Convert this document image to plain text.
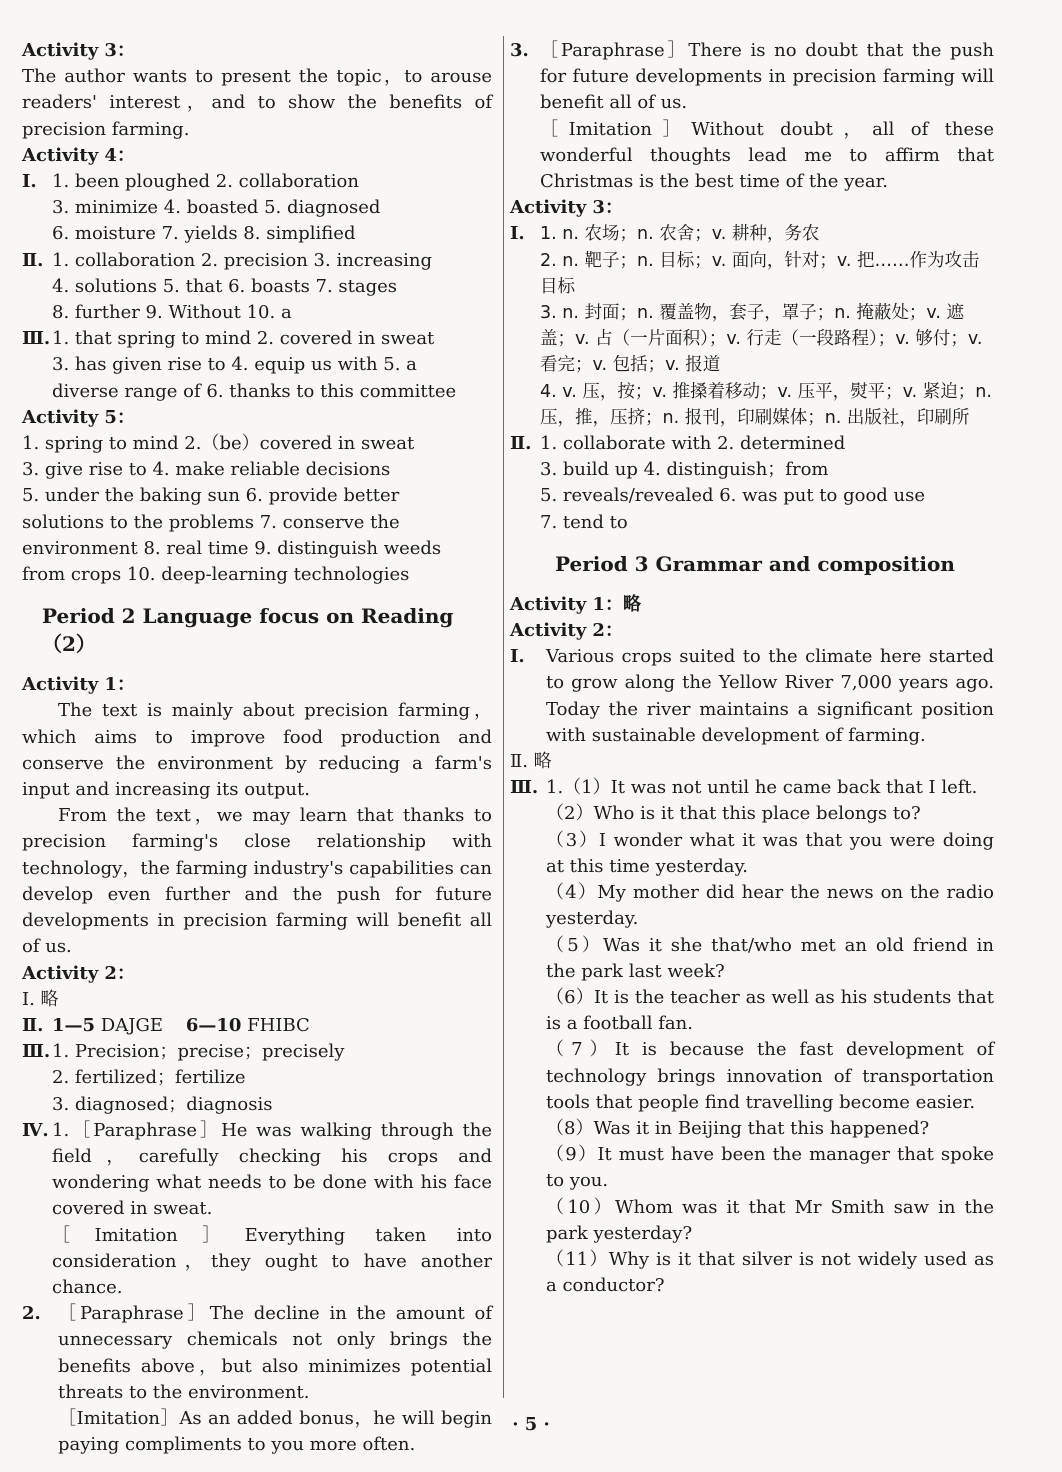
Activity 3：

The author wants to present the topic，to arouse readers' interest，and to show the benefits of precision farming.

Activity 4：
Ⅰ. 1. been ploughed 2. collaboration
3. minimize 4. boasted 5. diagnosed
6. moisture 7. yields 8. simplified
Ⅱ. 1. collaboration 2. precision 3. increasing
4. solutions 5. that 6. boasts 7. stages
8. further 9. Without 10. a
Ⅲ. 1. that spring to mind 2. covered in sweat
3. has given rise to 4. equip us with 5. a
diverse range of 6. thanks to this committee
Activity 5：
1. spring to mind 2.（be）covered in sweat
3. give rise to 4. make reliable decisions
5. under the baking sun 6. provide better
solutions to the problems 7. conserve the
environment 8. real time 9. distinguish weeds
from crops 10. deep-learning technologies
Period 2 Language focus on Reading（2）
Activity 1：

The text is mainly about precision farming，which aims to improve food production and conserve the environment by reducing a farm's input and increasing its output.

From the text，we may learn that thanks to precision farming's close relationship with technology，the farming industry's capabilities can develop even further and the push for future developments in precision farming will benefit all of us.

Activity 2：
Ⅰ. 略
Ⅱ. 1—5 DAJGE 6—10 FHIBC
Ⅲ. 1. Precision；precise；precisely
2. fertilized；fertilize
3. diagnosed；diagnosis
Ⅳ. 1.［Paraphrase］He was walking through the field，carefully checking his crops and wondering what needs to be done with his face covered in sweat.
［Imitation］Everything taken into consideration，they ought to have another chance.
2. ［Paraphrase］The decline in the amount of unnecessary chemicals not only brings the benefits above，but also minimizes potential threats to the environment.
［Imitation］As an added bonus，he will begin paying compliments to you more often.
3. ［Paraphrase］There is no doubt that the push for future developments in precision farming will benefit all of us.
［Imitation］Without doubt，all of these wonderful thoughts lead me to affirm that Christmas is the best time of the year.
Activity 3：
Ⅰ. 1. n. 农场；n. 农舍；v. 耕种，务农
2. n. 靶子；n. 目标；v. 面向，针对；v. 把……作为攻击目标
3. n. 封面；n. 覆盖物，套子，罩子；n. 掩蔽处；v. 遮盖；v. 占（一片面积）；v. 行走（一段路程）；v. 够付；v. 看完；v. 包括；v. 报道
4. v. 压，按；v. 推搡着移动；v. 压平，熨平；v. 紧迫；n. 压，推，压挤；n. 报刊，印刷媒体；n. 出版社，印刷所
Ⅱ. 1. collaborate with 2. determined
3. build up 4. distinguish；from
5. reveals/revealed 6. was put to good use
7. tend to
Period 3 Grammar and composition
Activity 1：略
Activity 2：
Ⅰ.	Various crops suited to the climate here started to grow along the Yellow River 7,000 years ago. Today the river maintains a significant position with sustainable development of farming.
Ⅱ. 略
Ⅲ. 1.（1）It was not until he came back that I left.
（2）Who is it that this place belongs to?
（3）I wonder what it was that you were doing at this time yesterday.
（4）My mother did hear the news on the radio yesterday.
（5）Was it she that/who met an old friend in the park last week?
（6）It is the teacher as well as his students that is a football fan.
（7）It is because the fast development of technology brings innovation of transportation tools that people find travelling become easier.
（8）Was it in Beijing that this happened?
（9）It must have been the manager that spoke to you.
（10）Whom was it that Mr Smith saw in the park yesterday?
（11）Why is it that silver is not widely used as a conductor?
· 5 ·
